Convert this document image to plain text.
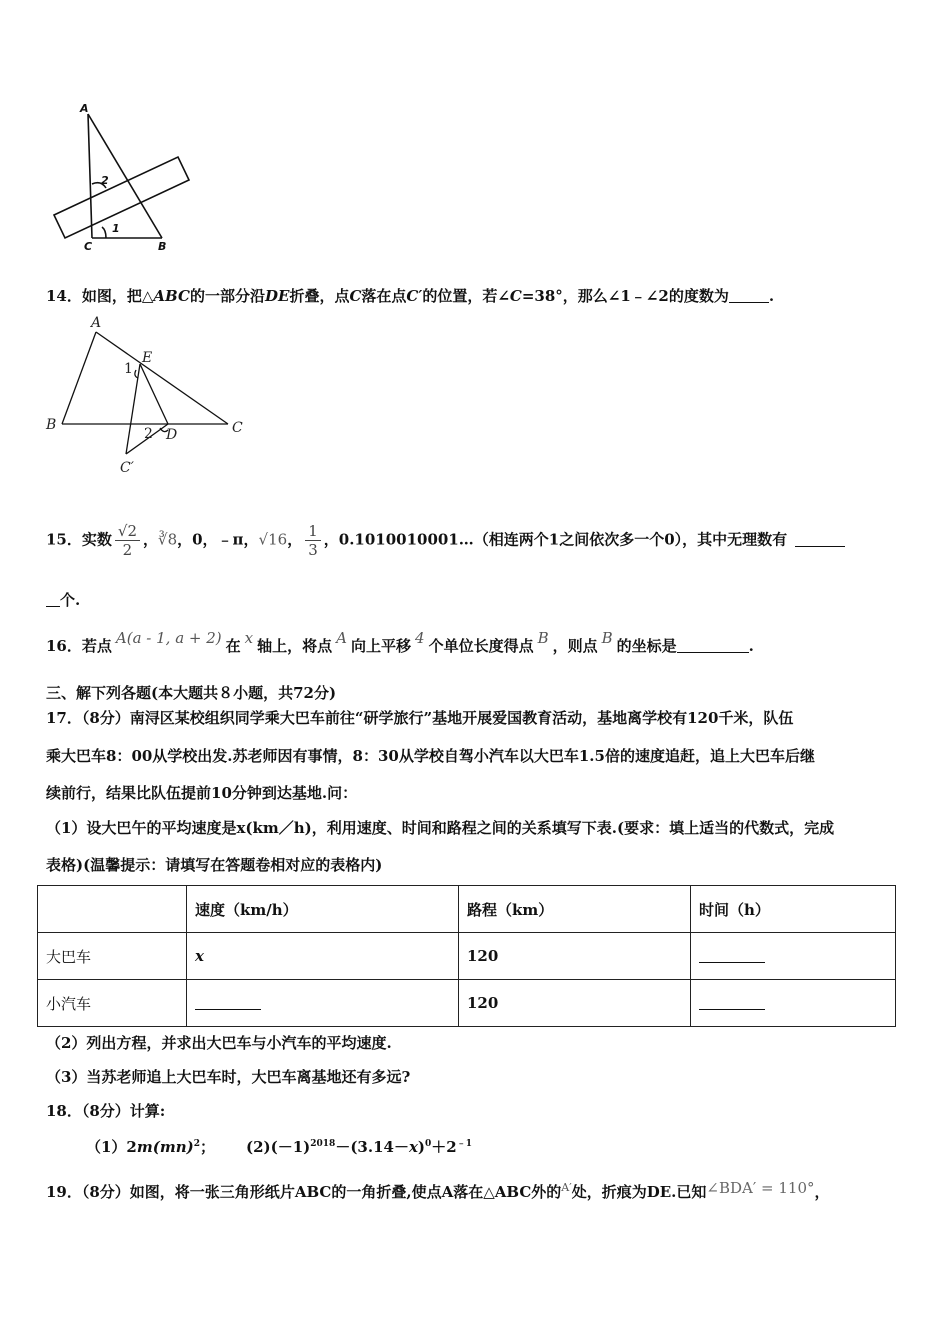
A
2
1
C	B
14．如图，把△ABC的一部分沿DE折叠，点C落在点C′的位置，若∠C=38°，那么∠1﹣∠2的度数为	.
A
E
1
B
2 D	C
C′
15．实数 $\frac{√2}{2}$ ，∛8，0，﹣π，√16， $\frac{1}{3}$ ，0.1010010001…（相连两个1之间依次多一个0），其中无理数有
个.
16．若点 A(a - 1, a + 2) 在 x 轴上，将点 A 向上平移 4 个单位长度得点 B ，则点 B 的坐标是	.
三、解下列各题(本大题共８小题，共72分)
17．（8分）南浔区某校组织同学乘大巴车前往“研学旅行”基地开展爱国教育活动，基地离学校有120千米，队伍
乘大巴车8：00从学校出发.苏老师因有事情，8：30从学校自驾小汽车以大巴车1.5倍的速度追赶，追上大巴车后继
续前行，结果比队伍提前10分钟到达基地.问：
（1）设大巴午的平均速度是x(km／h)，利用速度、时间和路程之间的关系填写下表.(要求：填上适当的代数式，完成
表格)(温馨提示：请填写在答题卷相对应的表格内)
	速度（km/h）	路程（km）	时间（h）
大巴车	x	120	
小汽车		120	
（2）列出方程，并求出大巴车与小汽车的平均速度.
（3）当苏老师追上大巴车时，大巴车离基地还有多远?
18．（8分）计算:
（1）2m(mn)$^2$； $(2)(-1)^{2018}-(3.14-x)^0+2^{﹣1}$
19．（8分）如图，将一张三角形纸片ABC的一角折叠,使点A落在△ABC外的$^{A'}$处，折痕为DE.已知∠BDA′ = 110°，
